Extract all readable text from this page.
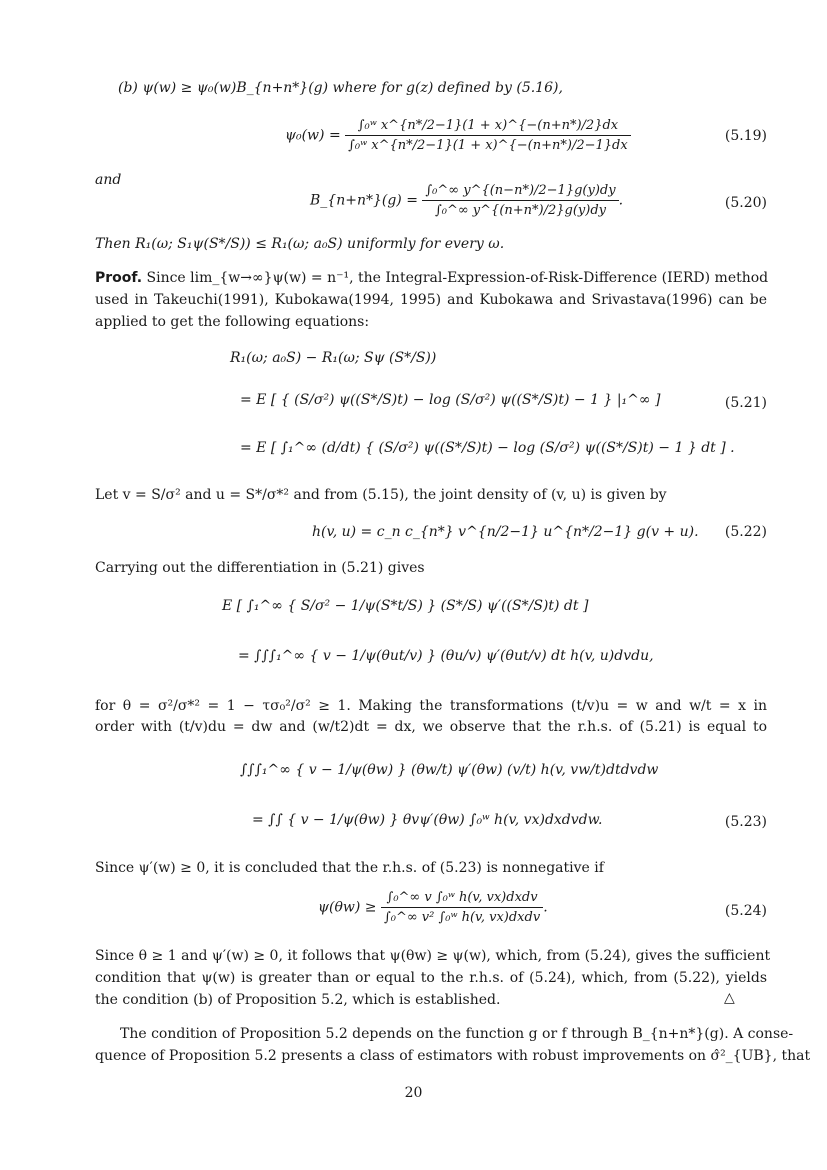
(b) ψ(w) ≥ ψ₀(w)B_{n+n*}(g) where for g(z) defined by (5.16),
$\psi_0(w) = \frac{\text{∫₀ʷ x\textasciicircum{}\{n*/2−1\}(1 + x)\textasciicircum{}\{−(n+n*)/2\}dx}}{\text{∫₀ʷ x\textasciicircum{}\{n*/2−1\}(1 + x)\textasciicircum{}\{−(n+n*)/2−1\}dx}}$	(5.19)
and
B_{n+n*}(g) = $\frac{\text{∫₀\textasciicircum{}∞ y\textasciicircum{}\{(n−n*)/2−1\}g(y)dy}}{\text{∫₀\textasciicircum{}∞ y\textasciicircum{}\{(n+n*)/2\}g(y)dy}}$ .	(5.20)
Then R₁(ω; S₁ψ(S*/S)) ≤ R₁(ω; a₀S) uniformly for every ω.
Proof. Since lim_{w→∞}ψ(w) = n⁻¹, the Integral-Expression-of-Risk-Difference (IERD) method
used in Takeuchi(1991), Kubokawa(1994, 1995) and Kubokawa and Srivastava(1996) can be
applied to get the following equations:
R₁(ω; a₀S) − R₁(ω; Sψ (S*/S))
= E [ { (S/σ²) ψ((S*/S)t) − log (S/σ²) ψ((S*/S)t) − 1 } |₁^∞ ]
= E [ ∫₁^∞ (d/dt) { (S/σ²) ψ((S*/S)t) − log (S/σ²) ψ((S*/S)t) − 1 } dt ] .
(5.21)
Let v = S/σ² and u = S*/σ*² and from (5.15), the joint density of (v, u) is given by
h(v, u) = c_n c_{n*} v^{n/2−1} u^{n*/2−1} g(v + u).	(5.22)
Carrying out the differentiation in (5.21) gives
E [ ∫₁^∞ { S/σ² − 1/ψ(S*t/S) } (S*/S) ψ′((S*/S)t) dt ]
= ∫∫∫₁^∞ { v − 1/ψ(θut/v) } (θu/v) ψ′(θut/v) dt h(v, u)dvdu,
for θ = σ²/σ*² = 1 − τσ₀²/σ² ≥ 1. Making the transformations (t/v)u = w and w/t = x in
order with (t/v)du = dw and (w/t2)dt = dx, we observe that the r.h.s. of (5.21) is equal to
∫∫∫₁^∞ { v − 1/ψ(θw) } (θw/t) ψ′(θw) (v/t) h(v, vw/t)dtdvdw
= ∫∫ { v − 1/ψ(θw) } θvψ′(θw) ∫₀ʷ h(v, vx)dxdvdw.	(5.23)
Since ψ′(w) ≥ 0, it is concluded that the r.h.s. of (5.23) is nonnegative if
$\psi(\theta w) \ge \frac{\text{∫₀\textasciicircum{}∞ v ∫₀ʷ h(v, vx)dxdv}}{\text{∫₀\textasciicircum{}∞ v² ∫₀ʷ h(v, vx)dxdv}}$ .	(5.24)
Since θ ≥ 1 and ψ′(w) ≥ 0, it follows that ψ(θw) ≥ ψ(w), which, from (5.24), gives the sufficient
condition that ψ(w) is greater than or equal to the r.h.s. of (5.24), which, from (5.22), yields
the condition (b) of Proposition 5.2, which is established.	△
The condition of Proposition 5.2 depends on the function g or f through B_{n+n*}(g). A conse-
quence of Proposition 5.2 presents a class of estimators with robust improvements on σ̂²_{UB}, that
20
